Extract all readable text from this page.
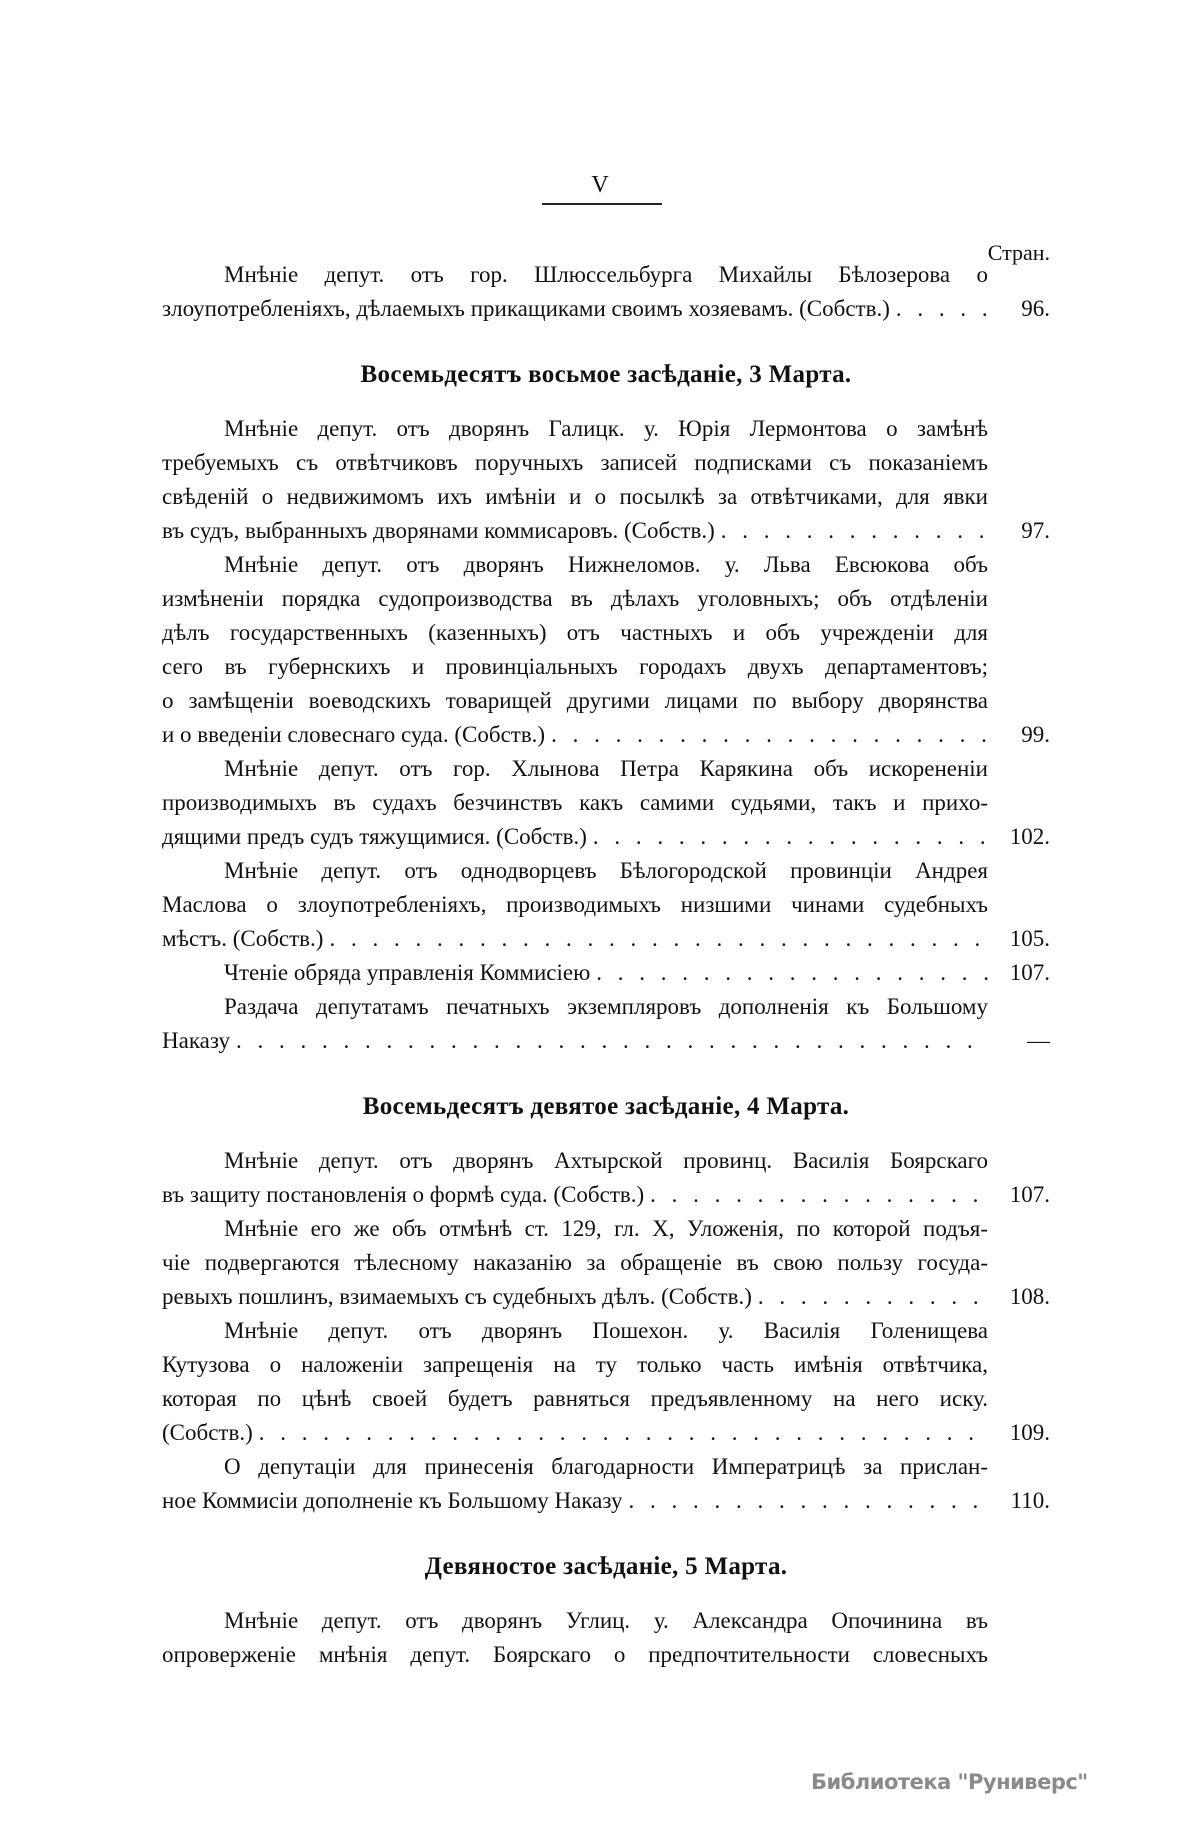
V
Стран.
Мнѣніе депут. отъ гор. Шлюссельбурга Михайлы Бѣлозерова о
злоупотребленіяхъ, дѣлаемыхъ прикащиками своимъ хозяевамъ. (Собств.) . . .	96.
Восемьдесятъ восьмое засѣданіе, 3 Марта.
Мнѣніе депут. отъ дворянъ Галицк. у. Юрія Лермонтова о замѣнѣ
требуемыхъ съ отвѣтчиковъ поручныхъ записей подписками съ показаніемъ
свѣденій о недвижимомъ ихъ имѣніи и о посылкѣ за отвѣтчиками, для явки
въ судъ, выбранныхъ дворянами коммисаровъ. (Собств.) . . .	97.
Мнѣніе депут. отъ дворянъ Нижнеломов. у. Льва Евсюкова объ
измѣненіи порядка судопроизводства въ дѣлахъ уголовныхъ; объ отдѣленіи
дѣлъ государственныхъ (казенныхъ) отъ частныхъ и объ учрежденіи для
сего въ губернскихъ и провинціальныхъ городахъ двухъ департаментовъ;
о замѣщеніи воеводскихъ товарищей другими лицами по выбору дворянства
и о введеніи словеснаго суда. (Собств.) . . .	99.
Мнѣніе депут. отъ гор. Хлынова Петра Карякина объ искорененіи
производимыхъ въ судахъ безчинствъ какъ самими судьями, такъ и прихо-
дящими предъ судъ тяжущимися. (Собств.) . . .	102.
Мнѣніе депут. отъ однодворцевъ Бѣлогородской провинціи Андрея
Маслова о злоупотребленіяхъ, производимыхъ низшими чинами судебныхъ
мѣстъ. (Собств.) . . .	105.
Чтеніе обряда управленія Коммисіею . . .	107.
Раздача депутатамъ печатныхъ экземпляровъ дополненія къ Большому
Наказу . . .	—
Восемьдесятъ девятое засѣданіе, 4 Марта.
Мнѣніе депут. отъ дворянъ Ахтырской провинц. Василія Боярскаго
въ защиту постановленія о формѣ суда. (Собств.) . . .	107.
Мнѣніе его же объ отмѣнѣ ст. 129, гл. X, Уложенія, по которой подъя-
чіе подвергаются тѣлесному наказанію за обращеніе въ свою пользу госуда-
ревыхъ пошлинъ, взимаемыхъ съ судебныхъ дѣлъ. (Собств.) . . .	108.
Мнѣніе депут. отъ дворянъ Пошехон. у. Василія Голенищева
Кутузова о наложеніи запрещенія на ту только часть имѣнія отвѣтчика,
которая по цѣнѣ своей будетъ равняться предъявленному на него иску.
(Собств.) . . .	109.
О депутаціи для принесенія благодарности Императрицѣ за прислан-
ное Коммисіи дополненіе къ Большому Наказу . . .	110.
Девяностое засѣданіе, 5 Марта.
Мнѣніе депут. отъ дворянъ Углиц. у. Александра Опочинина въ
опроверженіе мнѣнія депут. Боярскаго о предпочтительности словесныхъ
Библиотека "Руниверс"
